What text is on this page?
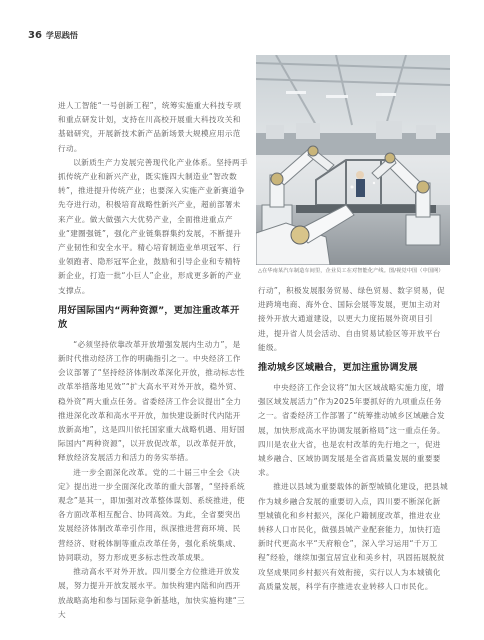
36 学思践悟
△在华南某汽车制造车间里，企业员工在对智能化产线。图/视觉中国（中国网）

进人工智能“一号创新工程”，统筹实施重大科技专项和重点研发计划，支持在川高校开展重大科技攻关和基础研究，开展新技术新产品新场景大规模应用示范行动。

以新质生产力发展完善现代化产业体系。坚持两手抓传统产业和新兴产业，既实施四大制造业“智改数转”，推进提升传统产业；也要深入实施产业新赛道争先夺进行动，积极培育战略性新兴产业，超前部署未来产业。做大做强六大优势产业，全面推进重点产业“建圈强链”，强化产业链集群集约发展，不断提升产业韧性和安全水平。精心培育制造业单项冠军、行业领跑者、隐形冠军企业，鼓励和引导企业和专精特新企业，打造一批“小巨人”企业，形成更多新的产业支撑点。

用好国际国内“两种资源”，更加注重改革开放

“必须坚持依靠改革开放增强发展内生动力”，是新时代推动经济工作的明确指引之一。中央经济工作会议部署了“坚持经济体制改革深化开放，推动标志性改革举措落地见效”“扩大高水平对外开放，稳外贸、稳外资”两大重点任务。省委经济工作会议提出“全力推进深化改革和高水平开放，加快建设新时代内陆开放新高地”，这是四川依托国家重大战略机遇、用好国际国内“两种资源”，以开放促改革，以改革促开放，释放经济发展活力和活力的务实举措。

进一步全面深化改革。党的二十届三中全会《决定》提出进一步全面深化改革的重大部署，“坚持系统观念”是其一，即加强对改革整体谋划、系统推进，使各方面改革相互配合、协同高效。为此，全省要突出发展经济体制改革牵引作用，纵深推进营商环境、民营经济、财税体制等重点改革任务，强化系统集成、协同联动，努力形成更多标志性改革成果。

推动高水平对外开放。四川要全方位推进开放发展，努力提升开放发展水平。加快构建内陆和向西开放战略高地和参与国际竞争新基地，加快实施构建“三大

行动”，积极发展服务贸易、绿色贸易、数字贸易，促进跨境电商、海外仓、国际会展等发展，更加主动对接外开放大通道建设，以更大力度拓展外资项目引进，提升省人员会活动、自由贸易试验区等开放平台能级。

推动城乡区域融合，更加注重协调发展

中央经济工作会议将“加大区域战略实施力度，增强区域发展活力”作为2025年要抓好的九项重点任务之一。省委经济工作部署了“统筹推动城乡区域融合发展，加快形成高水平协调发展新格局”这一重点任务。四川是农业大省，也是农村改革的先行地之一，促进城乡融合、区域协调发展是全省高质量发展的重要要求。

推进以县域为重要载体的新型城镇化建设，把县城作为城乡融合发展的重要切入点，四川要不断深化新型城镇化和乡村振兴，深化户籍制度改革，推进农业转移人口市民化，做强县城产业配套能力，加快打造新时代更高水平“天府粮仓”，深入学习运用“千万工程”经验，继续加强宜居宜业和美乡村，巩固拓展脱贫攻坚成果同乡村振兴有效衔接，实行以人为本城镇化高质量发展，科学有序推进农业转移人口市民化。
